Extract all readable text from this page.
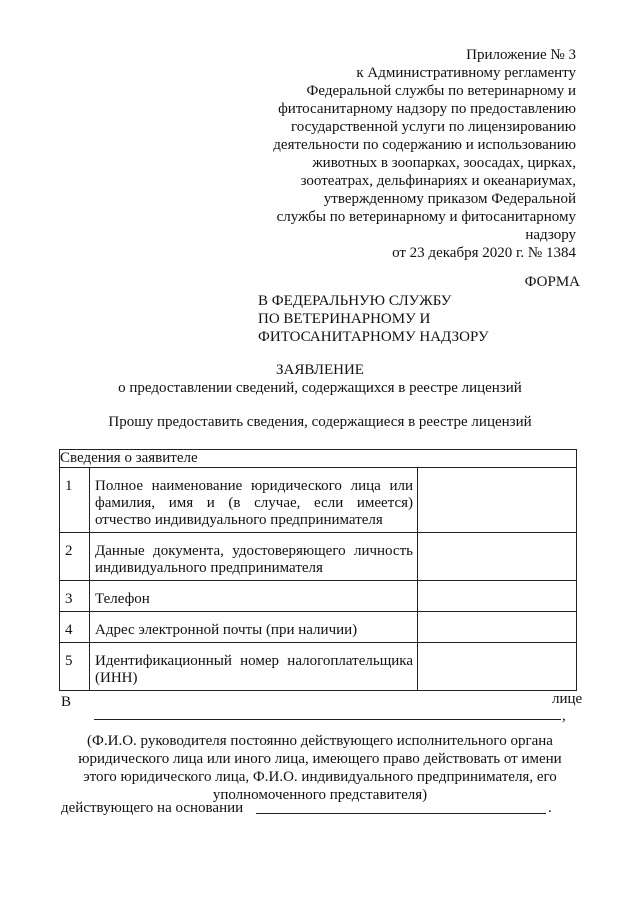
Приложение № 3
к Административному регламенту
Федеральной службы по ветеринарному и
фитосанитарному надзору по предоставлению
государственной услуги по лицензированию
деятельности по содержанию и использованию
животных в зоопарках, зоосадах, цирках,
зоотеатрах, дельфинариях и океанариумах,
утвержденному приказом Федеральной
службы по ветеринарному и фитосанитарному
надзору
от 23 декабря 2020 г. № 1384
ФОРМА
В ФЕДЕРАЛЬНУЮ СЛУЖБУ
ПО ВЕТЕРИНАРНОМУ И
ФИТОСАНИТАРНОМУ НАДЗОРУ
ЗАЯВЛЕНИЕ
о предоставлении сведений, содержащихся в реестре лицензий
Прошу предоставить сведения, содержащиеся в реестре лицензий
Сведения о заявителе		
1	Полное наименование юридического лица или фамилия, имя и (в случае, если имеется) отчество индивидуального предпринимателя	
2	Данные документа, удостоверяющего личность индивидуального предпринимателя	
3	Телефон	
4	Адрес электронной почты (при наличии)	
5	Идентификационный номер налогоплательщика (ИНН)	
В	лице
,
(Ф.И.О. руководителя постоянно действующего исполнительного органа
юридического лица или иного лица, имеющего право действовать от имени
этого юридического лица, Ф.И.О. индивидуального предпринимателя, его
уполномоченного представителя)
действующего на основании	.
